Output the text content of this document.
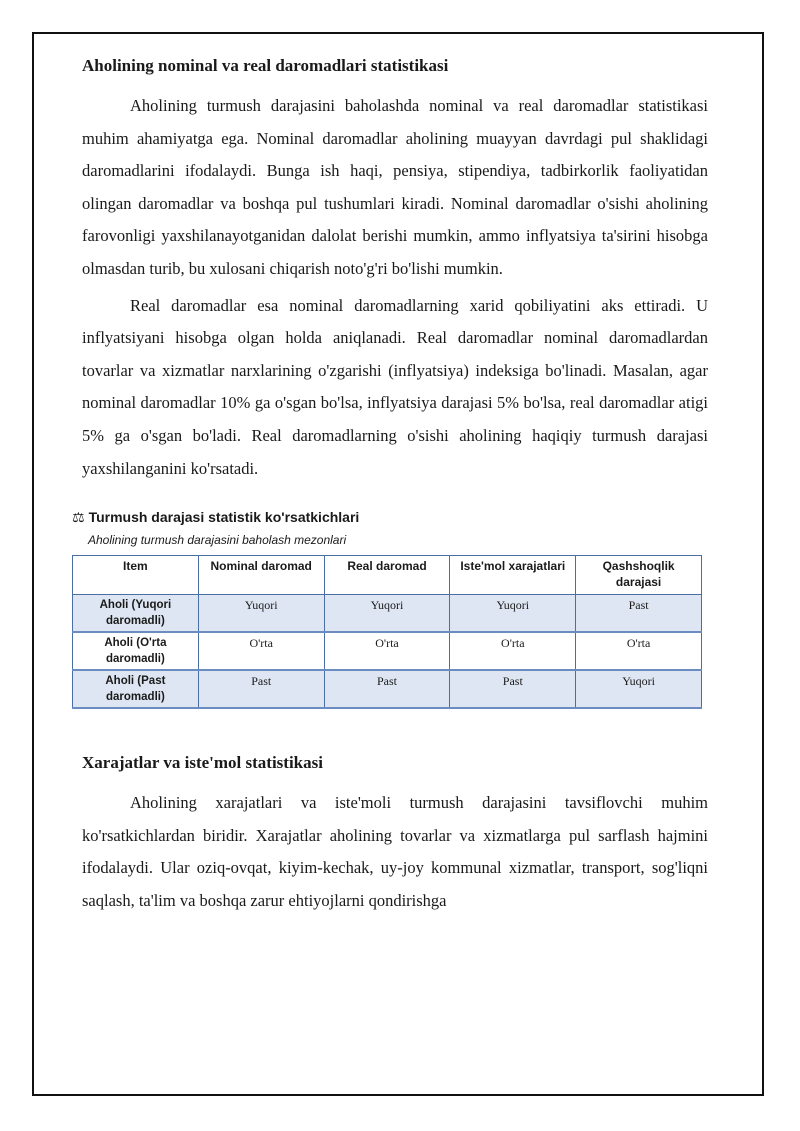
Aholining nominal va real daromadlari statistikasi

Aholining turmush darajasini baholashda nominal va real daromadlar statistikasi muhim ahamiyatga ega. Nominal daromadlar aholining muayyan davrdagi pul shaklidagi daromadlarini ifodalaydi. Bunga ish haqi, pensiya, stipendiya, tadbirkorlik faoliyatidan olingan daromadlar va boshqa pul tushumlari kiradi. Nominal daromadlar o'sishi aholining farovonligi yaxshilanayotganidan dalolat berishi mumkin, ammo inflyatsiya ta'sirini hisobga olmasdan turib, bu xulosani chiqarish noto'g'ri bo'lishi mumkin.

Real daromadlar esa nominal daromadlarning xarid qobiliyatini aks ettiradi. U inflyatsiyani hisobga olgan holda aniqlanadi. Real daromadlar nominal daromadlardan tovarlar va xizmatlar narxlarining o'zgarishi (inflyatsiya) indeksiga bo'linadi. Masalan, agar nominal daromadlar 10% ga o'sgan bo'lsa, inflyatsiya darajasi 5% bo'lsa, real daromadlar atigi 5% ga o'sgan bo'ladi. Real daromadlarning o'sishi aholining haqiqiy turmush darajasi yaxshilanganini ko'rsatadi.

⚖ Turmush darajasi statistik ko'rsatkichlari
Aholining turmush darajasini baholash mezonlari
Item	Nominal daromad	Real daromad	Iste'mol xarajatlari	Qashshoqlik darajasi
Aholi (Yuqori daromadli)	Yuqori	Yuqori	Yuqori	Past
Aholi (O'rta daromadli)	O'rta	O'rta	O'rta	O'rta
Aholi (Past daromadli)	Past	Past	Past	Yuqori
Xarajatlar va iste'mol statistikasi

Aholining xarajatlari va iste'moli turmush darajasini tavsiflovchi muhim ko'rsatkichlardan biridir. Xarajatlar aholining tovarlar va xizmatlarga pul sarflash hajmini ifodalaydi. Ular oziq-ovqat, kiyim-kechak, uy-joy kommunal xizmatlar, transport, sog'liqni saqlash, ta'lim va boshqa zarur ehtiyojlarni qondirishga
